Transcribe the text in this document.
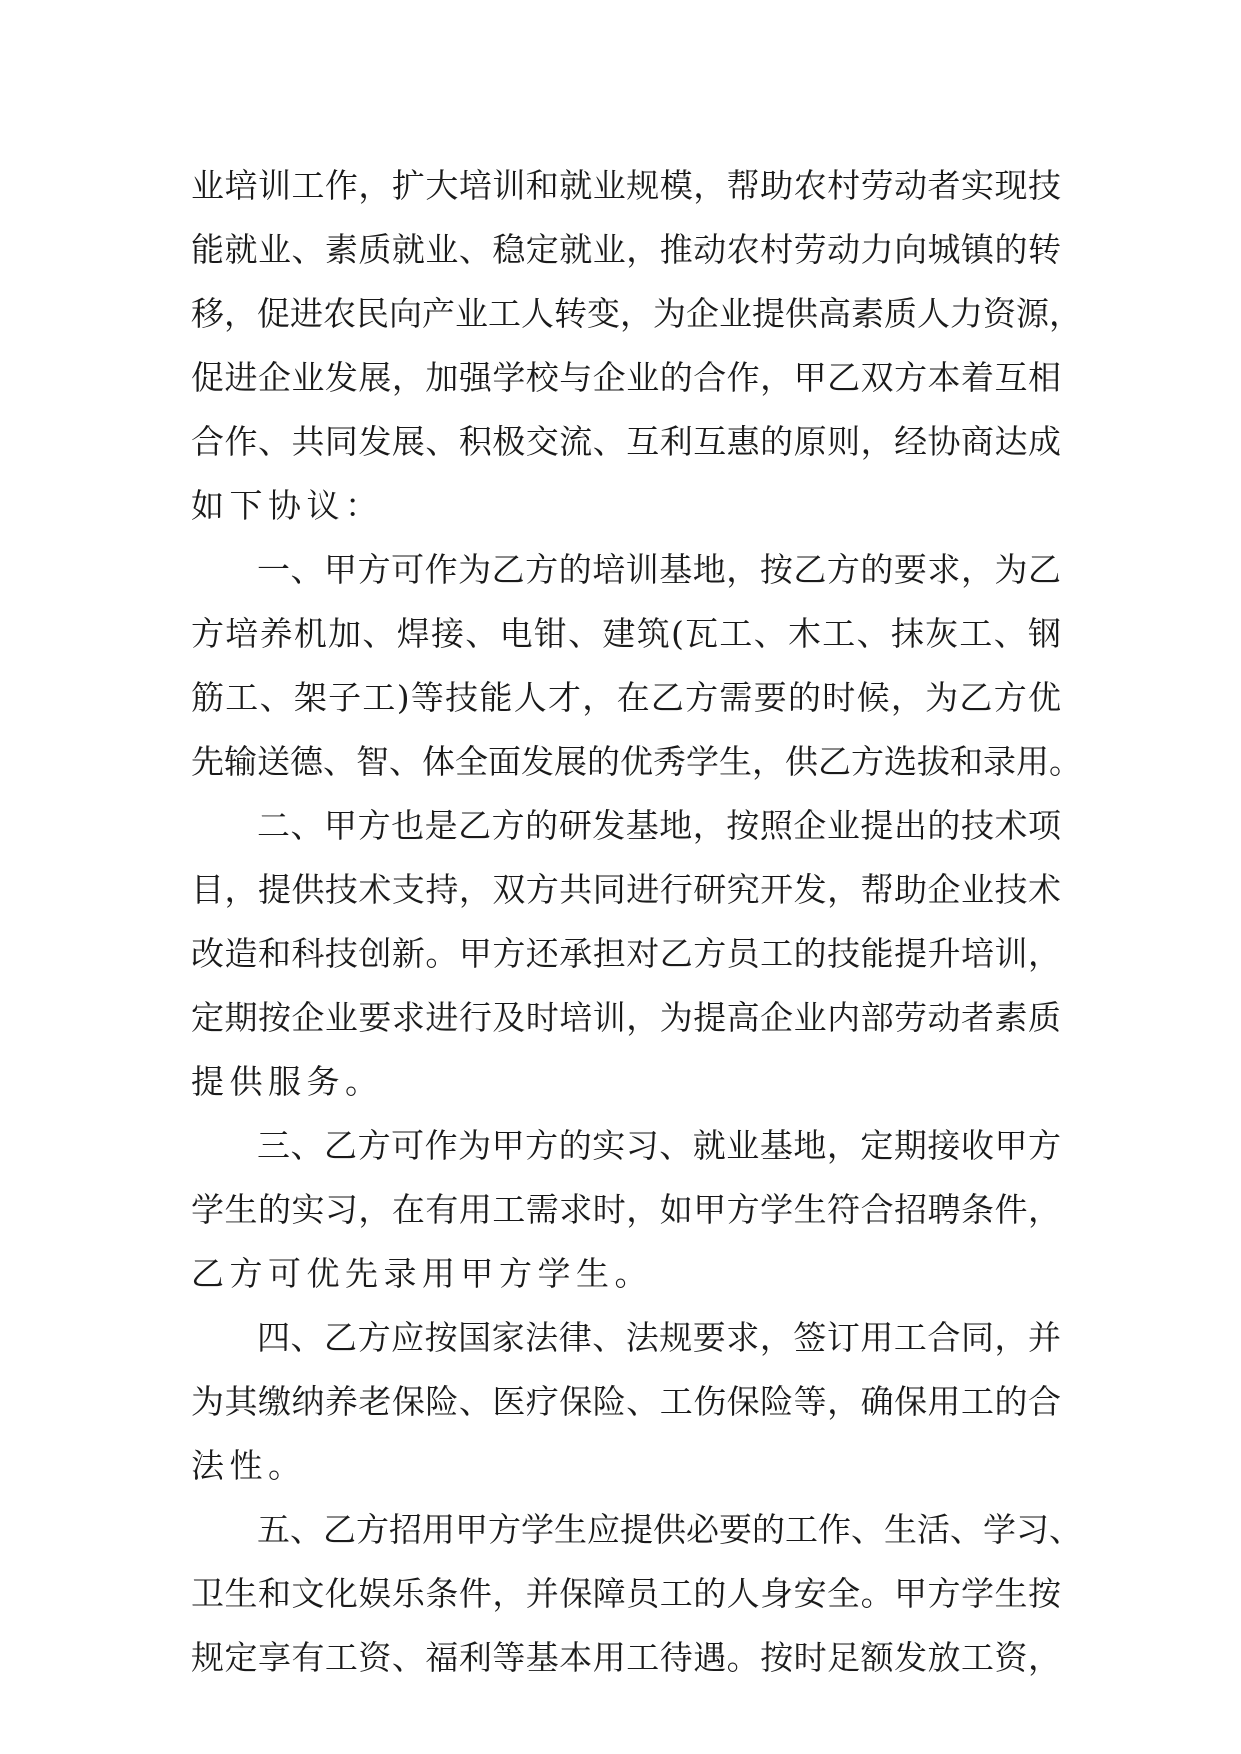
业培训工作，扩大培训和就业规模，帮助农村劳动者实现技
能就业、素质就业、稳定就业，推动农村劳动力向城镇的转
移，促进农民向产业工人转变，为企业提供高素质人力资源，
促进企业发展，加强学校与企业的合作，甲乙双方本着互相
合作、共同发展、积极交流、互利互惠的原则，经协商达成
如下协议：
一、甲方可作为乙方的培训基地，按乙方的要求，为乙
方培养机加、焊接、电钳、建筑(瓦工、木工、抹灰工、钢
筋工、架子工)等技能人才，在乙方需要的时候，为乙方优
先输送德、智、体全面发展的优秀学生，供乙方选拔和录用。
二、甲方也是乙方的研发基地，按照企业提出的技术项
目，提供技术支持，双方共同进行研究开发，帮助企业技术
改造和科技创新。甲方还承担对乙方员工的技能提升培训，
定期按企业要求进行及时培训，为提高企业内部劳动者素质
提供服务。
三、乙方可作为甲方的实习、就业基地，定期接收甲方
学生的实习，在有用工需求时，如甲方学生符合招聘条件，
乙方可优先录用甲方学生。
四、乙方应按国家法律、法规要求，签订用工合同，并
为其缴纳养老保险、医疗保险、工伤保险等，确保用工的合
法性。
五、乙方招用甲方学生应提供必要的工作、生活、学习、
卫生和文化娱乐条件，并保障员工的人身安全。甲方学生按
规定享有工资、福利等基本用工待遇。按时足额发放工资，
